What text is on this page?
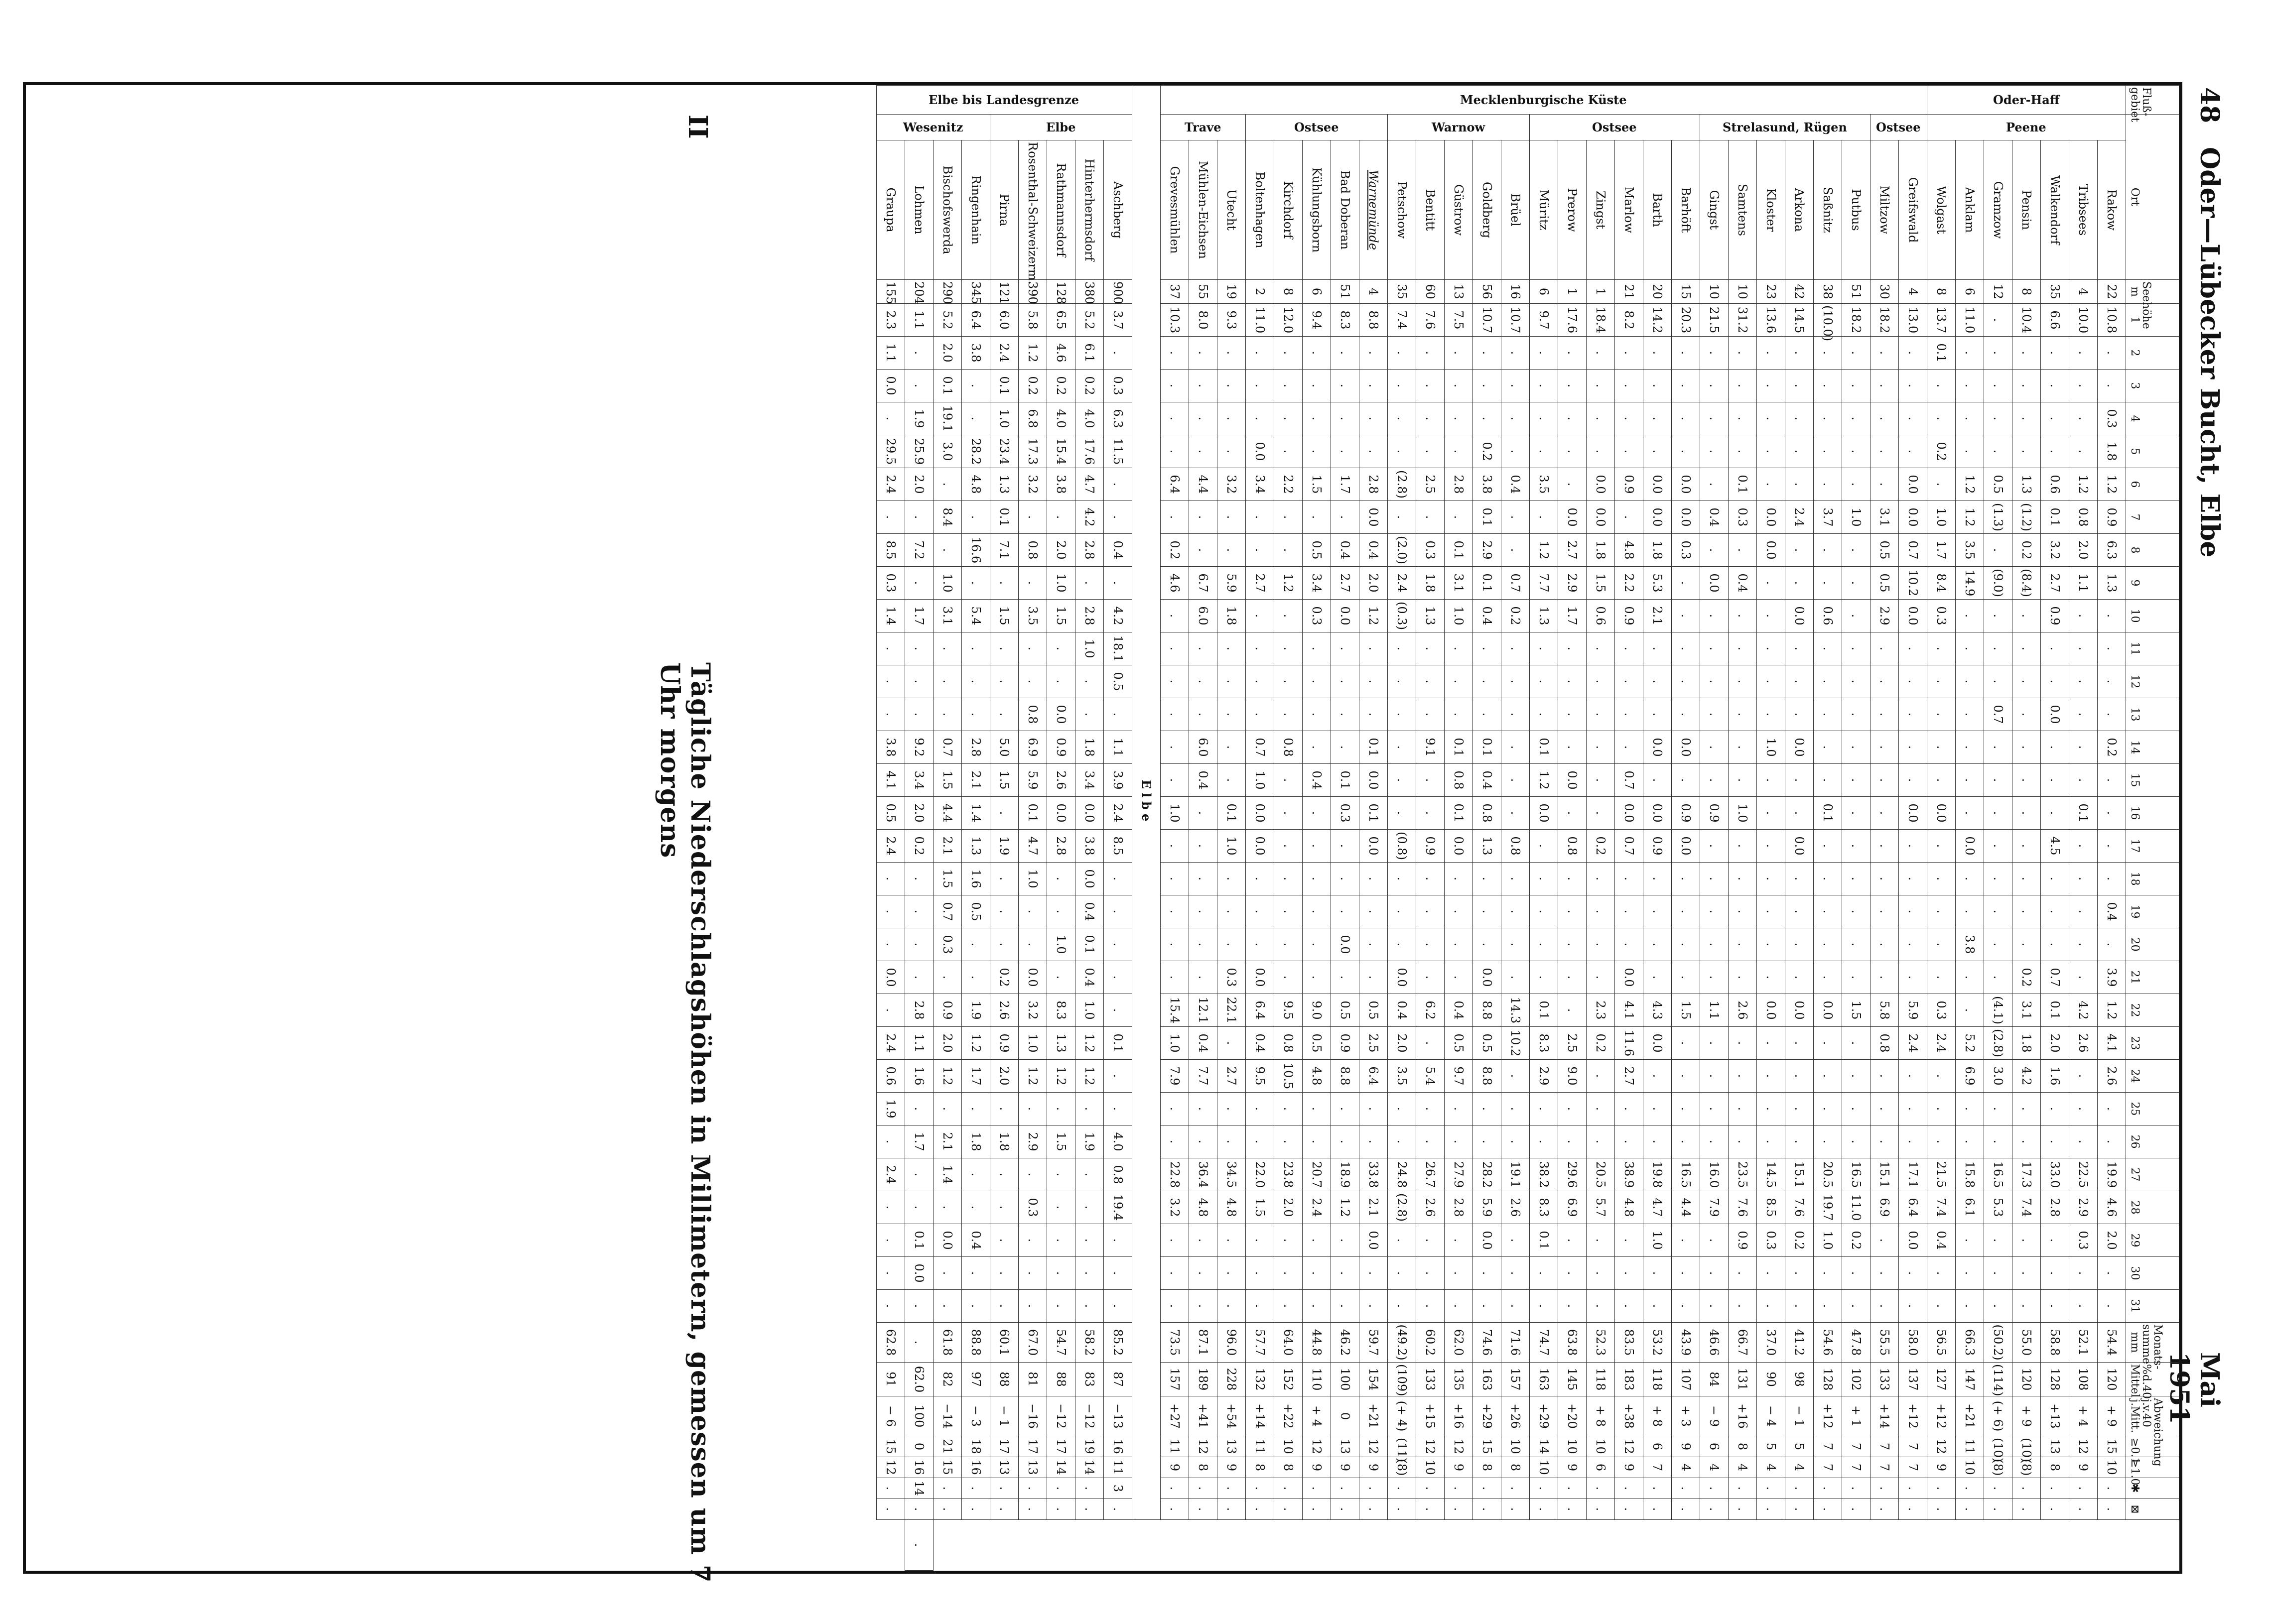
48
Oder—Lübecker Bucht, Elbe
Mai 1951
Fluß-gebiet	Ort		Seehöhe m	1	2	3	4	5	6	7	8	9	10	11	12	13	14	15	16	17	18	19	20	21	22	23	24	25	26	27	28	29	30	31	Monats-summe mm	%d.40j. Mittel	Abweichung v.40 j.Mitt.	≥0.1	≥1.0	✱	⊠	
Oder-Haff	Peene	Rakow	22	10.8	.	.	0.3	1.8	1.2	0.9	6.3	1.3	.	.	.	.	0.2	.	.	.	.	0.4	.	3.9	1.2	4.1	2.6	.	.	19.9	4.6	2.0	.	.	54.4	120	+ 9	15	10	.	.	
		Tribsees	4	10.0	.	.	.	.	1.2	0.8	2.0	1.1	.	.	.	.	.	.	0.1	.	.	.	.	.	4.2	2.6	.	.	.	22.5	2.9	0.3	.	.	52.1	108	+ 4	12	9	.	.	
		Walkendorf	35	6.6	.	.	.	.	0.6	0.1	3.2	2.7	0.9	.	.	0.0	.	.	.	4.5	.	.	.	0.7	0.1	2.0	1.6	.	.	33.0	2.8	.	.	.	58.8	128	+13	13	8	.	.	
		Pensin	8	10.4	.	.	.	.	1.3	(1.2)	0.2	(8.4)	.	.	.	.	.	.	.	.	.	.	.	0.2	3.1	1.8	4.2	.	.	17.3	7.4	.	.	.	55.0	120	+ 9	(10)	(8)	.	.	
		Gramzow	12	.	.	.	.	.	0.5	(1.3)	.	(9.0)	.	.	.	0.7	.	.	.	.	.	.	.	.	(4.1)	(2.8)	3.0	.	.	16.5	5.3	.	.	.	(50.2)	(114)	(+ 6)	(10)	(8)	.	.	
		Anklam	6	11.0	.	.	.	.	1.2	1.2	3.5	14.9	.	.	.	.	.	.	.	0.0	.	.	3.8	.	.	5.2	6.9	.	.	15.8	6.1	.	.	.	66.3	147	+21	11	10	.	.	
		Wolgast	8	13.7	0.1	.	.	0.2	.	1.0	1.7	8.4	0.3	.	.	.	.	.	0.0	.	.	.	.	.	0.3	2.4	.	.	.	21.5	7.4	0.4	.	.	56.5	127	+12	12	9	.	.	
Mecklenburgische Küste	Ostsee	Greifswald	4	13.0	.	.	.	.	0.0	0.0	0.7	10.2	0.0	.	.	.	.	.	0.0	.	.	.	.	.	5.9	2.4	.	.	.	17.1	6.4	0.0	.	.	58.0	137	+12	7	7	.	.	
		Miltzow	30	18.2	.	.	.	.	.	3.1	0.5	0.5	2.9	.	.	.	.	.	.	.	.	.	.	.	5.8	0.8	.	.	.	15.1	6.9	.	.	.	55.5	133	+14	7	7	.	.	
	Strelasund, Rügen	Putbus	51	18.2	.	.	.	.	.	1.0	.	.	.	.	.	.	.	.	.	.	.	.	.	.	1.5	.	.	.	.	16.5	11.0	0.2	.	.	47.8	102	+ 1	7	7	.	.	
		Saßnitz	38	(10.0)	.	.	.	.	.	3.7	.	.	0.6	.	.	.	.	.	0.1	.	.	.	.	.	0.0	.	.	.	.	20.5	19.7	1.0	.	.	54.6	128	+12	7	7	.	.	
		Arkona	42	14.5	.	.	.	.	.	2.4	.	.	0.0	.	.	.	0.0	.	.	0.0	.	.	.	.	0.0	.	.	.	.	15.1	7.6	0.2	.	.	41.2	98	− 1	5	4	.	.	
		Kloster	23	13.6	.	.	.	.	.	0.0	0.0	.	.	.	.	.	1.0	.	.	.	.	.	.	.	0.0	.	.	.	.	14.5	8.5	0.3	.	.	37.0	90	− 4	5	4	.	.	
		Samtens	10	31.2	.	.	.	.	0.1	0.3	.	0.4	.	.	.	.	.	.	1.0	.	.	.	.	.	2.6	.	.	.	.	23.5	7.6	0.9	.	.	66.7	131	+16	8	4	.	.	
		Gingst	10	21.5	.	.	.	.	.	0.4	.	0.0	.	.	.	.	.	.	0.9	.	.	.	.	.	1.1	.	.	.	.	16.0	7.9	.	.	.	46.6	84	− 9	6	4	.	.	
	Ostsee	Barhöft	15	20.3	.	.	.	.	0.0	0.0	0.3	.	.	.	.	.	0.0	.	0.9	0.0	.	.	.	.	1.5	.	.	.	.	16.5	4.4	.	.	.	43.9	107	+ 3	9	4	.	.	
		Barth	20	14.2	.	.	.	.	0.0	0.0	1.8	5.3	2.1	.	.	.	0.0	.	0.0	0.9	.	.	.	.	4.3	0.0	.	.	.	19.8	4.7	1.0	.	.	53.2	118	+ 8	6	7	.	.	
		Marlow	21	8.2	.	.	.	.	0.9	.	4.8	2.2	0.9	.	.	.	.	0.7	0.0	0.7	.	.	.	0.0	4.1	11.6	2.7	.	.	38.9	4.8	.	.	.	83.5	183	+38	12	9	.	.	
		Zingst	1	18.4	.	.	.	.	0.0	0.0	1.8	1.5	0.6	.	.	.	.	.	.	0.2	.	.	.	.	2.3	0.2	.	.	.	20.5	5.7	.	.	.	52.3	118	+ 8	10	6	.	.	
		Prerow	1	17.6	.	.	.	.	.	0.0	2.7	2.9	1.7	.	.	.	.	0.0	.	0.8	.	.	.	.	.	2.5	9.0	.	.	29.6	6.9	.	.	.	63.8	145	+20	10	9	.	.	
		Müritz	6	9.7	.	.	.	.	3.5	.	1.2	7.7	1.3	.	.	.	0.1	1.2	0.0	.	.	.	.	.	0.1	8.3	2.9	.	.	38.2	8.3	0.1	.	.	74.7	163	+29	14	10	.	.	
	Warnow	Brüel	16	10.7	.	.	.	.	0.4	.	.	0.7	0.2	.	.	.	.	.	.	0.8	.	.	.	.	14.3	10.2	.	.	.	19.1	2.6	.	.	.	71.6	157	+26	10	8	.	.	
		Goldberg	56	10.7	.	.	.	0.2	3.8	0.1	2.9	0.1	0.4	.	.	.	0.1	0.4	0.8	1.3	.	.	.	0.0	8.8	0.5	8.8	.	.	28.2	5.9	0.0	.	.	74.6	163	+29	15	8	.	.	
		Güstrow	13	7.5	.	.	.	.	2.8	.	0.1	3.1	1.0	.	.	.	0.1	0.8	0.1	0.0	.	.	.	.	0.4	0.5	9.7	.	.	27.9	2.8	.	.	.	62.0	135	+16	12	9	.	.	
		Bentitt	60	7.6	.	.	.	.	2.5	.	0.3	1.8	1.3	.	.	.	9.1	.	.	0.9	.	.	.	.	6.2	.	5.4	.	.	26.7	2.6	.	.	.	60.2	133	+15	12	10	.	.	
		Petschow	35	7.4	.	.	.	.	(2.8)	.	(2.0)	2.4	(0.3)	.	.	.	.	.	.	(0.8)	.	.	.	0.0	0.4	2.0	3.5	.	.	24.8	(2.8)	.	.	.	(49.2)	(109)	(+ 4)	(11)	(8)	.	.	
	Ostsee	Warnemünde	4	8.8	.	.	.	.	2.8	0.0	0.4	2.0	1.2	.	.	.	0.1	0.0	0.1	0.0	.	.	.	.	0.5	2.5	6.4	.	.	33.8	2.1	0.0	.	.	59.7	154	+21	12	9	.	.	
		Bad Doberan	51	8.3	.	.	.	.	1.7	.	0.4	2.7	0.0	.	.	.	.	0.1	0.3	.	.	.	0.0	.	0.5	0.9	8.8	.	.	18.9	1.2	.	.	.	46.2	100	0	13	9	.	.	
		Kühlungsborn	6	9.4	.	.	.	.	1.5	.	0.5	3.4	0.3	.	.	.	.	0.4	.	.	.	.	.	.	9.0	0.5	4.8	.	.	20.7	2.4	.	.	.	44.8	110	+ 4	12	9	.	.	
		Kirchdorf	8	12.0	.	.	.	.	2.2	.	.	1.2	.	.	.	.	0.8	.	.	.	.	.	.	.	9.5	0.8	10.5	.	.	23.8	2.0	.	.	.	64.0	152	+22	10	8	.	.	
		Boltenhagen	2	11.0	.	.	.	0.0	3.4	.	.	2.7	.	.	.	.	0.7	1.0	0.0	0.0	.	.	.	0.0	6.4	0.4	9.5	.	.	22.0	1.5	.	.	.	57.7	132	+14	11	8	.	.	
	Trave	Utecht	19	9.3	.	.	.	.	3.2	.	.	5.9	1.8	.	.	.	.	.	0.1	1.0	.	.	.	0.3	22.1	.	2.7	.	.	34.5	4.8	.	.	.	96.0	228	+54	13	9	.	.	
		Mühlen-Eichsen	55	8.0	.	.	.	.	4.4	.	.	6.7	6.0	.	.	.	6.0	0.4	.	.	.	.	.	.	12.1	0.4	7.7	.	.	36.4	4.8	.	.	.	87.1	189	+41	12	8	.	.	
		Grevesmühlen	37	10.3	.	.	.	.	6.4	.	0.2	4.6	.	.	.	.	.	.	1.0	.	.	.	.	.	15.4	1.0	7.9	.	.	22.8	3.2	.	.	.	73.5	157	+27	11	9	.	.	
Elbe																																										
Elbe bis Landesgrenze	Elbe	Aschberg	900	3.7	.	0.3	6.3	11.5	.	.	0.4	.	4.2	18.1	0.5	.	1.1	3.9	2.4	8.5	.	.	.	.	.	0.1	.	.	4.0	0.8	19.4	.	.	.	85.2	87	−13	16	11	3	.	
		Hinterhermsdorf	380	5.2	6.1	0.2	4.0	17.6	4.7	4.2	2.8	.	2.8	1.0	.	.	1.8	3.4	0.0	3.8	0.0	0.4	0.1	0.4	1.0	1.2	1.2	.	1.9	.	.	.	.	.	58.2	83	−12	19	14	.	.	
		Rathmannsdorf	128	6.5	4.6	0.2	4.0	15.4	3.8	.	2.0	1.0	1.5	.	.	0.0	0.9	2.6	0.0	2.8	.	.	1.0	.	8.3	1.3	1.2	.	1.5	.	.	.	.	.	54.7	88	−12	17	14	.	.	
		Rosenthal-Schweizerm.	390	5.8	1.2	0.2	6.8	17.3	3.2	.	0.8	.	3.5	.	.	0.8	6.9	5.9	0.1	4.7	1.0	.	.	0.0	3.2	1.0	1.2	.	2.9	.	0.3	.	.	.	67.0	81	−16	17	13	.	.	
		Pirna	121	6.0	2.4	0.1	1.0	23.4	1.3	0.1	7.1	.	1.5	.	.	.	5.0	1.5	.	1.9	.	.	.	0.2	2.6	0.9	2.0	.	1.8	.	.	.	.	.	60.1	88	− 1	17	13	.	.	
	Wesenitz	Ringenhain	345	6.4	3.8	.	.	28.2	4.8	.	16.6	.	5.4	.	.	.	2.8	2.1	1.4	1.3	1.6	0.5	.	.	1.9	1.2	1.7	.	1.8	.	.	0.4	.	.	88.8	97	− 3	18	16	.	.	
		Bischofswerda	290	5.2	2.0	0.1	19.1	3.0	.	8.4	.	1.0	3.1	.	.	.	0.7	1.5	4.4	2.1	1.5	0.7	0.3	.	0.9	2.0	1.2	.	2.1	1.4	.	0.0	.	.	61.8	82	−14	21	15	.	.	
		Lohmen	204	1.1	.	.	1.9	25.9	2.0	.	7.2	.	1.7	.	.	.	9.2	3.4	2.0	0.2	.	.	.	.	2.8	1.1	1.6	.	1.7	.	.	0.1	0.0	.	.	62.0	100	0	16	14	.	.
		Graupa	155	2.3	1.1	0.0	.	29.5	2.4	.	8.5	0.3	1.4	.	.	.	3.8	4.1	0.5	2.4	.	.	.	0.0	.	2.4	0.6	1.9	.	2.4	.	.	.	.	62.8	91	− 6	15	12	.	.	
II
Tägliche Niederschlagshöhen in Millimetern, gemessen um 7 Uhr morgens
